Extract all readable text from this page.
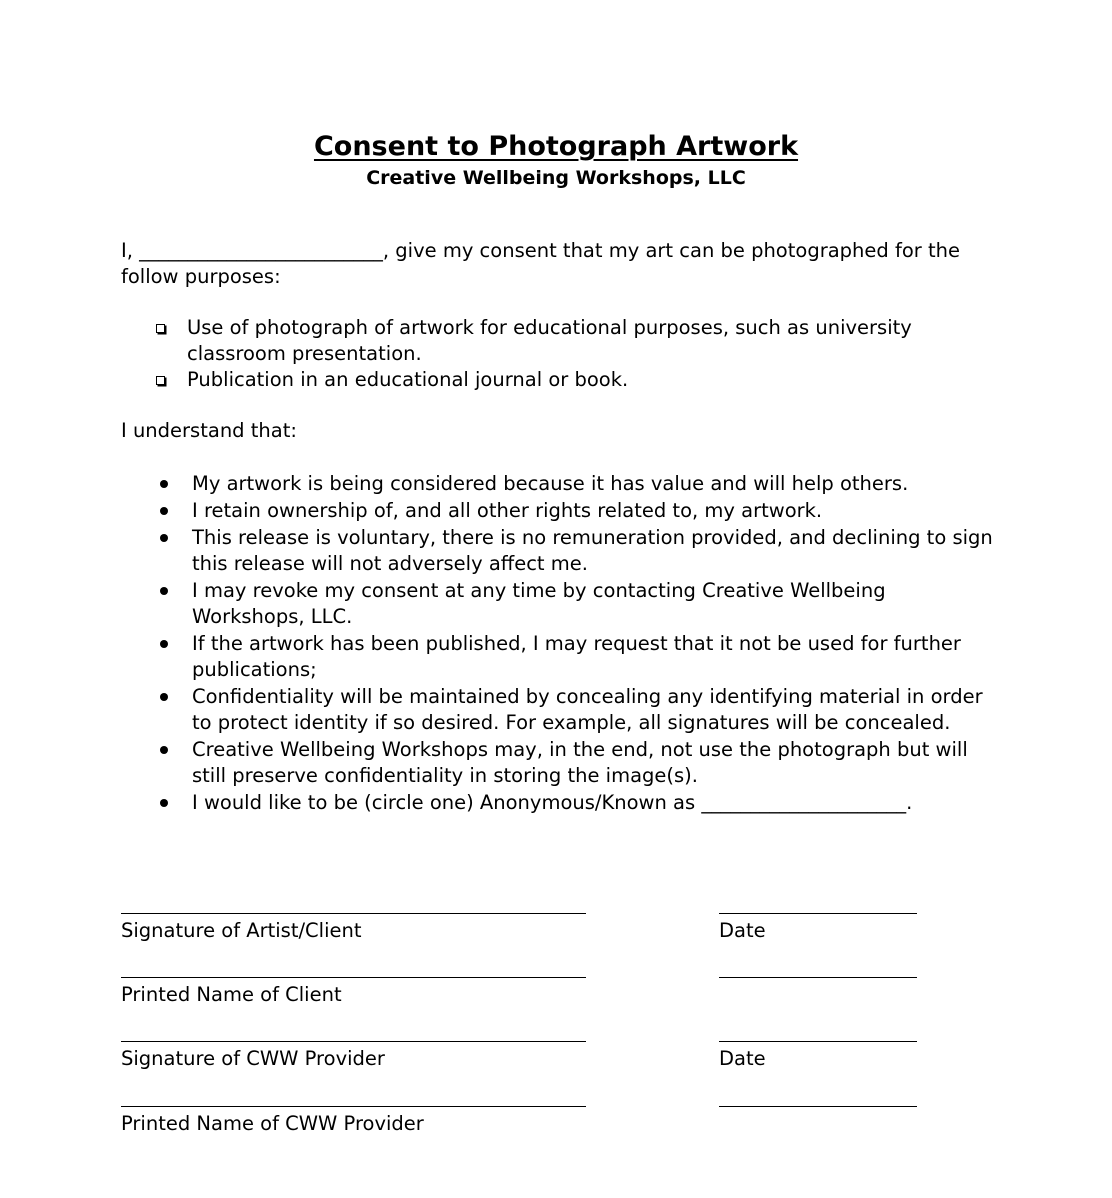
Consent to Photograph Artwork
Creative Wellbeing Workshops, LLC
I, _________________________, give my consent that my art can be photographed for the follow purposes:
Use of photograph of artwork for educational purposes, such as university classroom presentation.
Publication in an educational journal or book.
I understand that:
My artwork is being considered because it has value and will help others.
I retain ownership of, and all other rights related to, my artwork.
This release is voluntary, there is no remuneration provided, and declining to sign this release will not adversely affect me.
I may revoke my consent at any time by contacting Creative Wellbeing Workshops, LLC.
If the artwork has been published, I may request that it not be used for further publications;
Confidentiality will be maintained by concealing any identifying material in order to protect identity if so desired. For example, all signatures will be concealed.
Creative Wellbeing Workshops may, in the end, not use the photograph but will still preserve confidentiality in storing the image(s).
I would like to be (circle one) Anonymous/Known as _____________________.
Signature of Artist/Client	Date
Printed Name of Client
Signature of CWW Provider	Date
Printed Name of CWW Provider
